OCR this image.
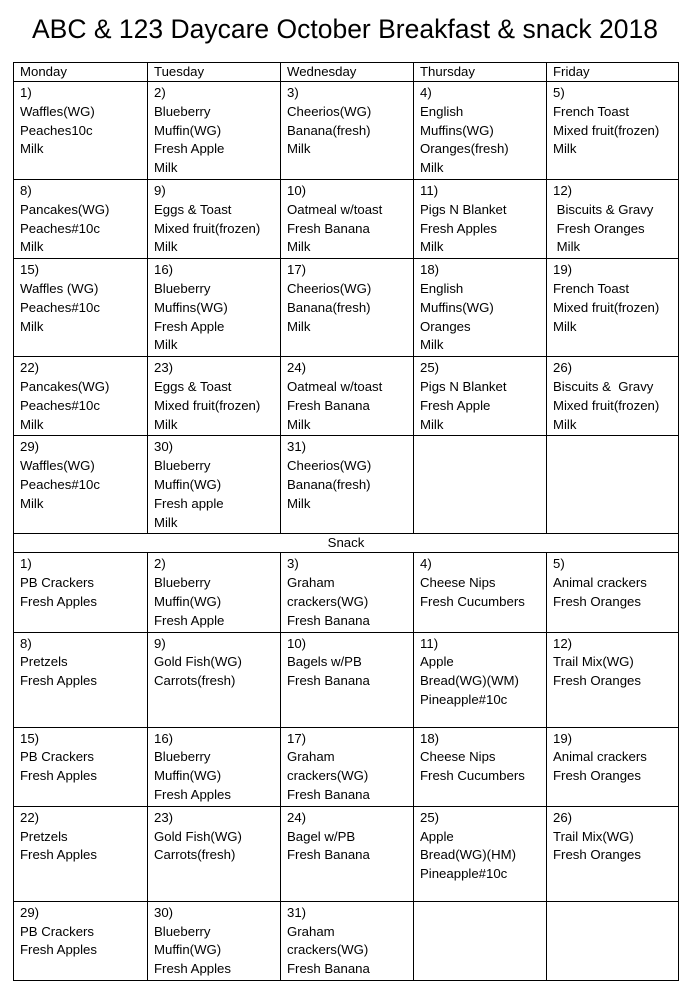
ABC & 123 Daycare October Breakfast & snack 2018
Monday	Tuesday	Wednesday	Thursday	Friday

1)
Waffles(WG)
Peaches10c
Milk	2)
Blueberry
Muffin(WG)
Fresh Apple
Milk	3)
Cheerios(WG)
Banana(fresh)
Milk	4)
English
Muffins(WG)
Oranges(fresh)
Milk	5)
French Toast
Mixed fruit(frozen)
Milk

8)
Pancakes(WG)
Peaches#10c
Milk	9)
Eggs & Toast
Mixed fruit(frozen)
Milk	10)
Oatmeal w/toast
Fresh Banana
Milk	11)
Pigs N Blanket
Fresh Apples
Milk	12)
Biscuits & Gravy
Fresh Oranges
Milk

15)
Waffles (WG)
Peaches#10c
Milk	16)
Blueberry
Muffins(WG)
Fresh Apple
Milk	17)
Cheerios(WG)
Banana(fresh)
Milk	18)
English
Muffins(WG)
Oranges
Milk	19)
French Toast
Mixed fruit(frozen)
Milk

22)
Pancakes(WG)
Peaches#10c
Milk	23)
Eggs & Toast
Mixed fruit(frozen)
Milk	24)
Oatmeal w/toast
Fresh Banana
Milk	25)
Pigs N Blanket
Fresh Apple
Milk	26)
Biscuits &  Gravy
Mixed fruit(frozen)
Milk

29)
Waffles(WG)
Peaches#10c
Milk	30)
Blueberry
Muffin(WG)
Fresh apple
Milk	31)
Cheerios(WG)
Banana(fresh)
Milk		

Snack				

1)
PB Crackers
Fresh Apples	2)
Blueberry
Muffin(WG)
Fresh Apple	3)
Graham
crackers(WG)
Fresh Banana	4)
Cheese Nips
Fresh Cucumbers	5)
Animal crackers
Fresh Oranges

8)
Pretzels
Fresh Apples	9)
Gold Fish(WG)
Carrots(fresh)	10)
Bagels w/PB
Fresh Banana	11)
Apple
Bread(WG)(WM)
Pineapple#10c	12)
Trail Mix(WG)
Fresh Oranges

15)
PB Crackers
Fresh Apples	16)
Blueberry
Muffin(WG)
Fresh Apples	17)
Graham
crackers(WG)
Fresh Banana	18)
Cheese Nips
Fresh Cucumbers	19)
Animal crackers
Fresh Oranges

22)
Pretzels
Fresh Apples	23)
Gold Fish(WG)
Carrots(fresh)	24)
Bagel w/PB
Fresh Banana	25)
Apple
Bread(WG)(HM)
Pineapple#10c	26)
Trail Mix(WG)
Fresh Oranges

29)
PB Crackers
Fresh Apples	30)
Blueberry
Muffin(WG)
Fresh Apples	31)
Graham
crackers(WG)
Fresh Banana		
